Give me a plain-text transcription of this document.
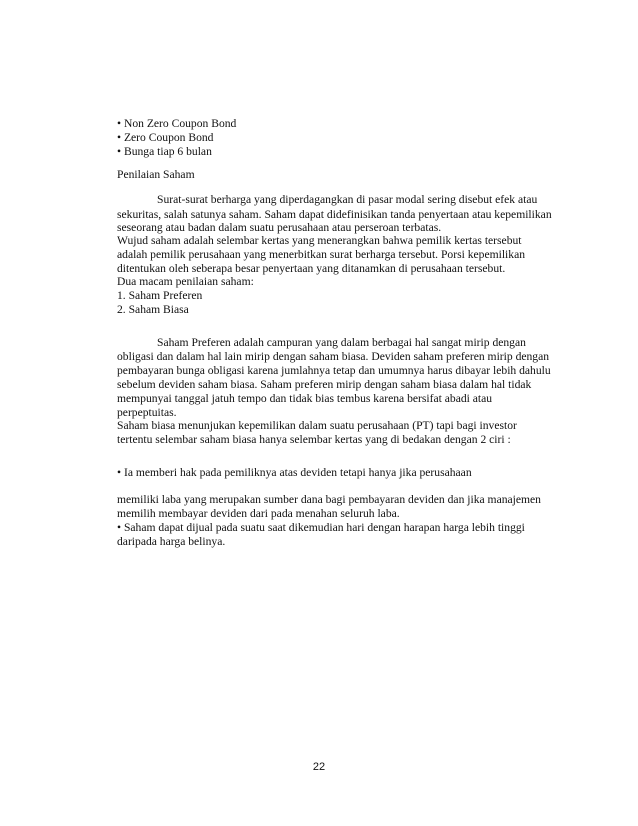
• Non Zero Coupon Bond

• Zero Coupon Bond

• Bunga tiap 6 bulan

Penilaian Saham

Surat-surat berharga yang diperdagangkan di pasar modal sering disebut efek atau

sekuritas, salah satunya saham. Saham dapat didefinisikan tanda penyertaan atau kepemilikan

seseorang atau badan dalam suatu perusahaan atau perseroan terbatas.

Wujud saham adalah selembar kertas yang menerangkan bahwa pemilik kertas tersebut

adalah pemilik perusahaan yang menerbitkan surat berharga tersebut. Porsi kepemilikan

ditentukan oleh seberapa besar penyertaan yang ditanamkan di perusahaan tersebut.

Dua macam penilaian saham:

1. Saham Preferen

2. Saham Biasa

Saham Preferen adalah campuran yang dalam berbagai hal sangat mirip dengan

obligasi dan dalam hal lain mirip dengan saham biasa. Deviden saham preferen mirip dengan

pembayaran bunga obligasi karena jumlahnya tetap dan umumnya harus dibayar lebih dahulu

sebelum deviden saham biasa. Saham preferen mirip dengan saham biasa dalam hal tidak

mempunyai tanggal jatuh tempo dan tidak bias tembus karena bersifat abadi atau

perpeptuitas.

Saham biasa menunjukan kepemilikan dalam suatu perusahaan (PT) tapi bagi investor

tertentu selembar saham biasa hanya selembar kertas yang di bedakan dengan 2 ciri :

• Ia memberi hak pada pemiliknya atas deviden tetapi hanya jika perusahaan

memiliki laba yang merupakan sumber dana bagi pembayaran deviden dan jika manajemen

memilih membayar deviden dari pada menahan seluruh laba.

• Saham dapat dijual pada suatu saat dikemudian hari dengan harapan harga lebih tinggi

daripada harga belinya.

22
